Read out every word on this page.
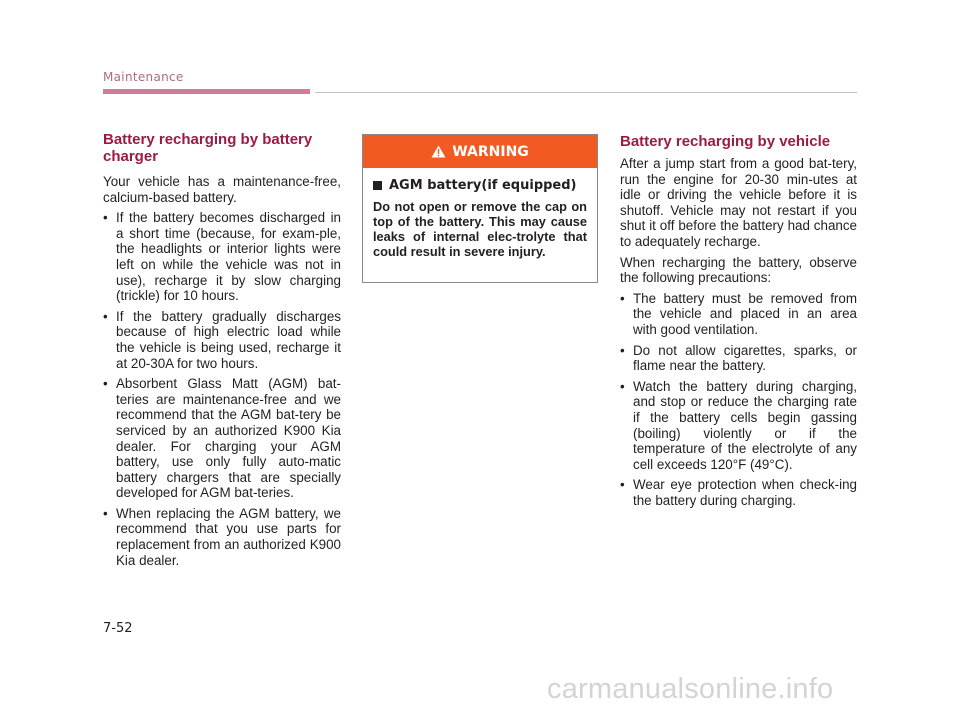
Maintenance
Battery recharging by battery charger

Your vehicle has a maintenance-free, calcium-based battery.

• If the battery becomes discharged in a short time (because, for exam-ple, the headlights or interior lights were left on while the vehicle was not in use), recharge it by slow charging (trickle) for 10 hours.
• If the battery gradually discharges because of high electric load while the vehicle is being used, recharge it at 20-30A for two hours.
• Absorbent Glass Matt (AGM) bat-teries are maintenance-free and we recommend that the AGM bat-tery be serviced by an authorized K900 Kia dealer. For charging your AGM battery, use only fully auto-matic battery chargers that are specially developed for AGM bat-teries.
• When replacing the AGM battery, we recommend that you use parts for replacement from an authorized K900 Kia dealer.
WARNING
AGM battery(if equipped)
Do not open or remove the cap on top of the battery. This may cause leaks of internal elec-trolyte that could result in severe injury.
Battery recharging by vehicle

After a jump start from a good bat-tery, run the engine for 20-30 min-utes at idle or driving the vehicle before it is shutoff. Vehicle may not restart if you shut it off before the battery had chance to adequately recharge.

When recharging the battery, observe the following precautions:

• The battery must be removed from the vehicle and placed in an area with good ventilation.
• Do not allow cigarettes, sparks, or flame near the battery.
• Watch the battery during charging, and stop or reduce the charging rate if the battery cells begin gassing (boiling) violently or if the temperature of the electrolyte of any cell exceeds 120°F (49°C).
• Wear eye protection when check-ing the battery during charging.
7-52
carmanualsonline.info
